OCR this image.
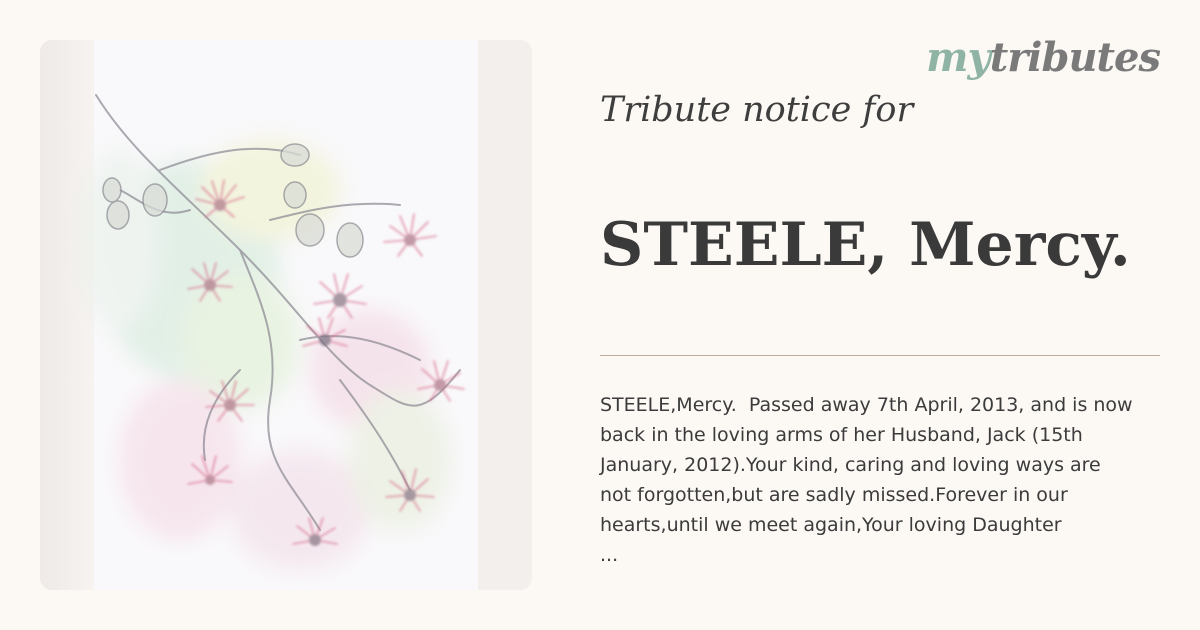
mytributes
Tribute notice for
STEELE, Mercy.

STEELE,Mercy.  Passed away 7th April, 2013, and is now
back in the loving arms of her Husband, Jack (15th
January, 2012).Your kind, caring and loving ways are
not forgotten,but are sadly missed.Forever in our
hearts,until we meet again,Your loving Daughter
...
